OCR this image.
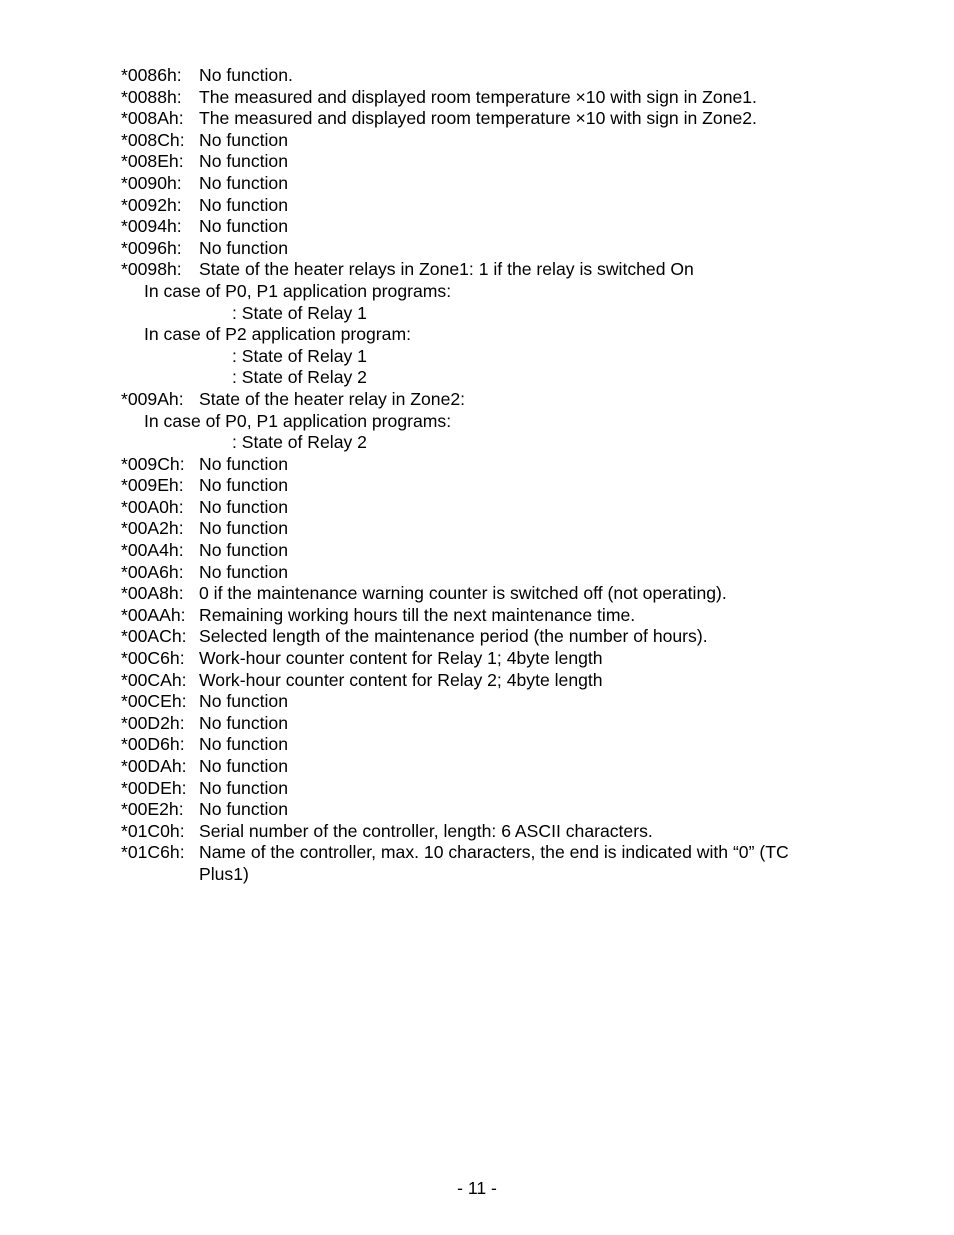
*0086h: No function.
*0088h: The measured and displayed room temperature ×10 with sign in Zone1.
*008Ah: The measured and displayed room temperature ×10 with sign in Zone2.
*008Ch: No function
*008Eh: No function
*0090h: No function
*0092h: No function
*0094h: No function
*0096h: No function
*0098h: State of the heater relays in Zone1: 1 if the relay is switched On
In case of P0, P1 application programs:
: State of Relay 1
In case of P2 application program:
: State of Relay 1
: State of Relay 2
*009Ah: State of the heater relay in Zone2:
In case of P0, P1 application programs:
: State of Relay 2
*009Ch: No function
*009Eh: No function
*00A0h: No function
*00A2h: No function
*00A4h: No function
*00A6h: No function
*00A8h: 0 if the maintenance warning counter is switched off (not operating).
*00AAh: Remaining working hours till the next maintenance time.
*00ACh: Selected length of the maintenance period (the number of hours).
*00C6h: Work-hour counter content for Relay 1; 4byte length
*00CAh: Work-hour counter content for Relay 2; 4byte length
*00CEh: No function
*00D2h: No function
*00D6h: No function
*00DAh: No function
*00DEh: No function
*00E2h: No function
*01C0h: Serial number of the controller, length: 6 ASCII characters.
*01C6h: Name of the controller, max. 10 characters, the end is indicated with “0” (TC Plus1)
- 11 -
